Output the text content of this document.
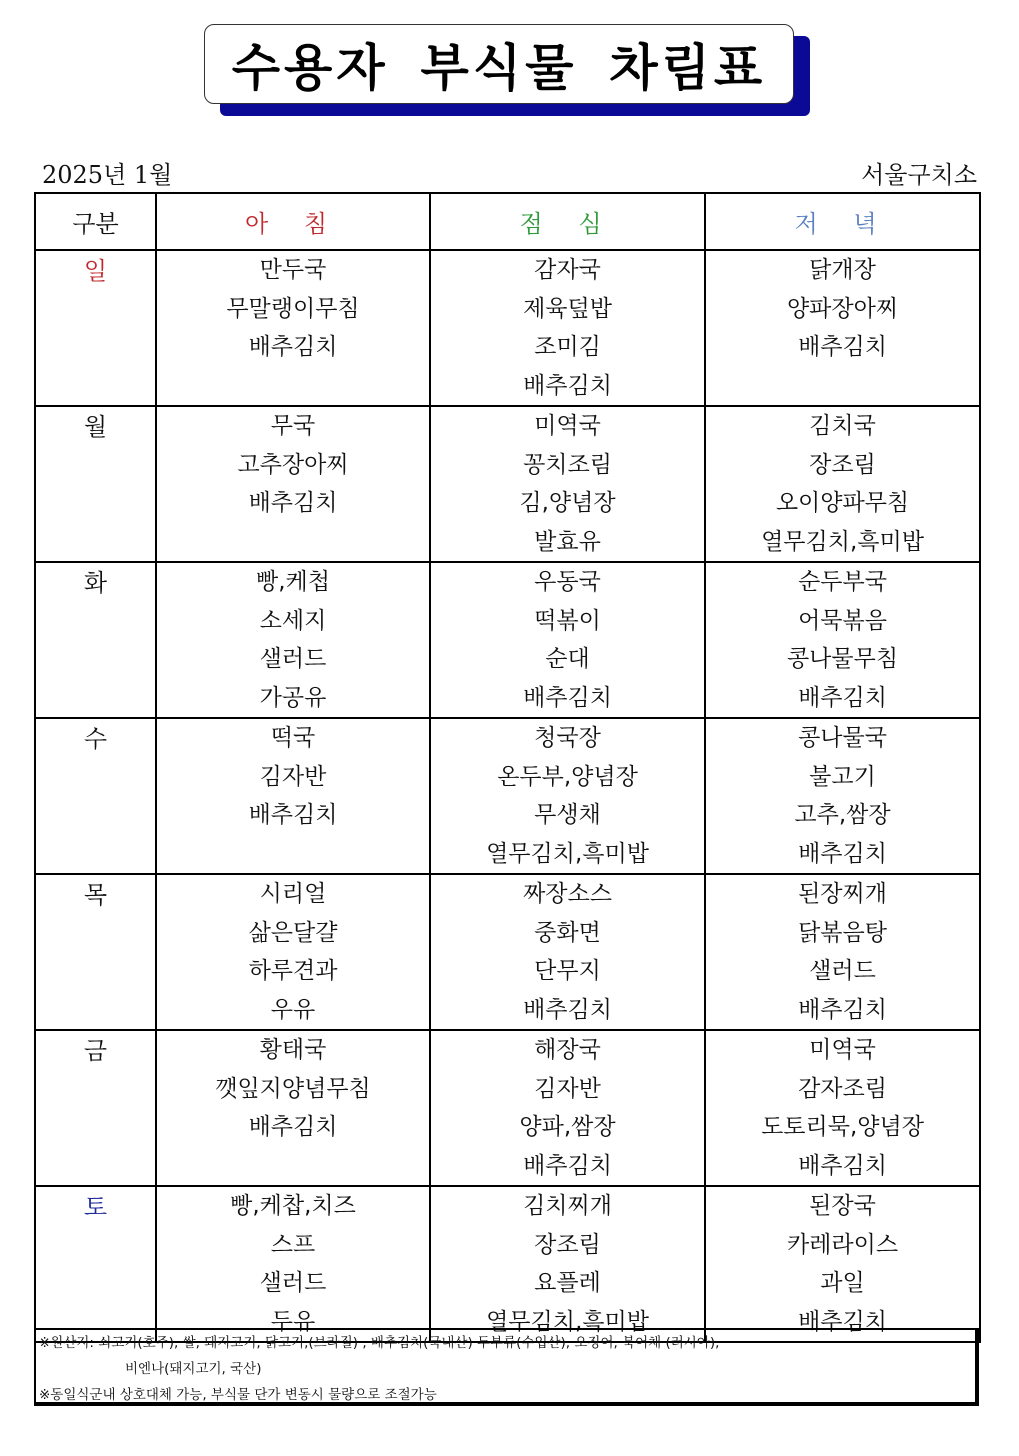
수용자 부식물 차림표
2025년 1월	서울구치소
구분	아 침	점 심	저 녁
일	만두국
무말랭이무침
배추김치	감자국
제육덮밥
조미김
배추김치	닭개장
양파장아찌
배추김치

월	무국
고추장아찌
배추김치	미역국
꽁치조림
김,양념장
발효유	김치국
장조림
오이양파무침
열무김치,흑미밥

화	빵,케첩
소세지
샐러드
가공유	우동국
떡볶이
순대
배추김치	순두부국
어묵볶음
콩나물무침
배추김치

수	떡국
김자반
배추김치	청국장
온두부,양념장
무생채
열무김치,흑미밥	콩나물국
불고기
고추,쌈장
배추김치

목	시리얼
삶은달걀
하루견과
우유	짜장소스
중화면
단무지
배추김치	된장찌개
닭볶음탕
샐러드
배추김치

금	황태국
깻잎지양념무침
배추김치	해장국
김자반
양파,쌈장
배추김치	미역국
감자조림
도토리묵,양념장
배추김치

토	빵,케찹,치즈
스프
샐러드
두유	김치찌개
장조림
요플레
열무김치,흑미밥	된장국
카레라이스
과일
배추김치
※원산지: 쇠고기(호주), 쌀, 돼지고기, 닭고기,(브라질) , 배추김치(국내산) 두부류(수입산), 오징어, 북어채 (러시아),
비엔나(돼지고기, 국산)
※동일식군내 상호대체 가능, 부식물 단가 변동시 물량으로 조절가능
